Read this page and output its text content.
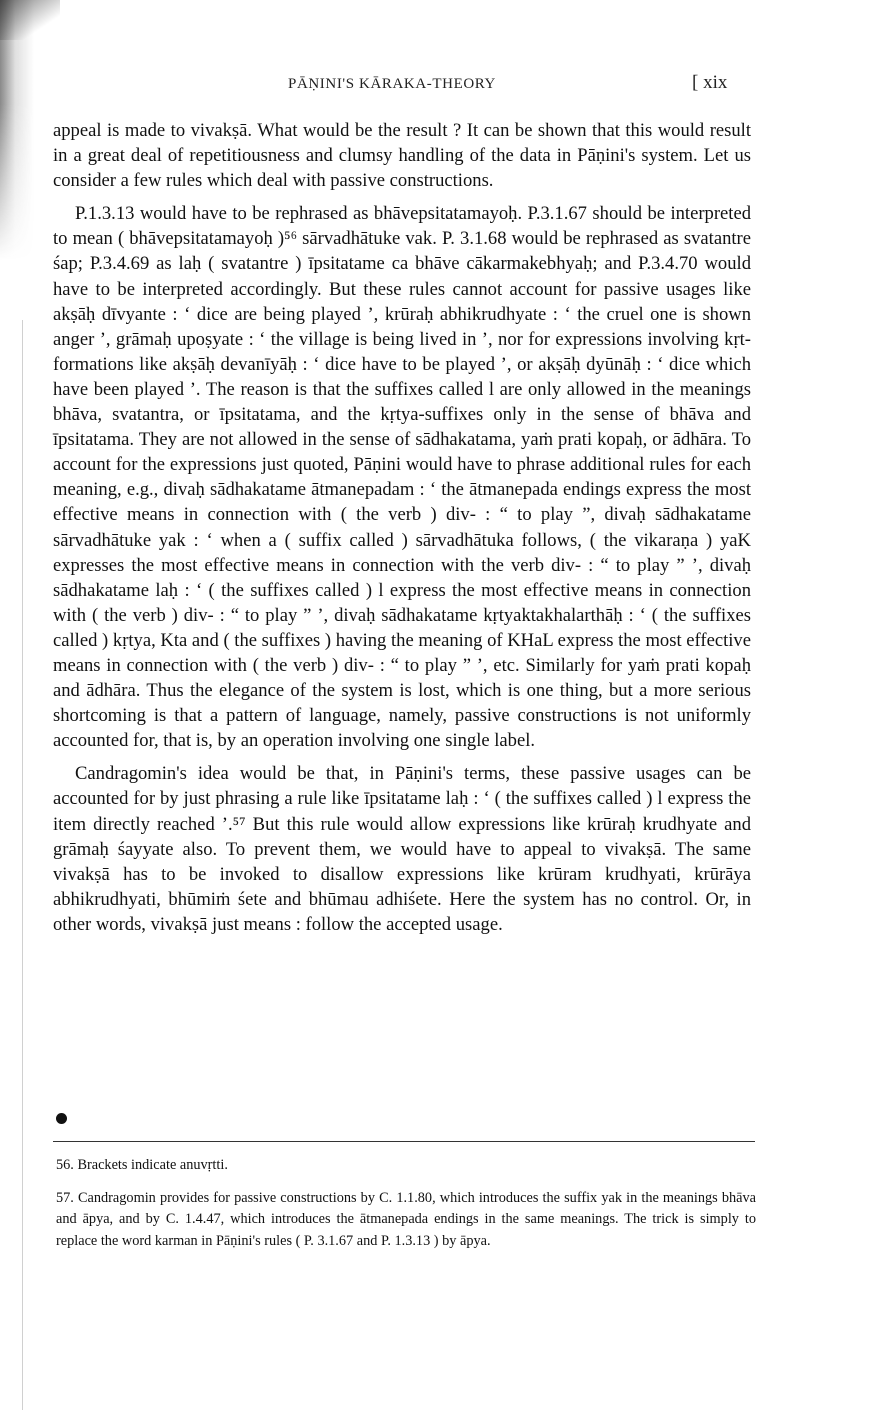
PĀṆINI'S KĀRAKA-THEORY	[ xix

appeal is made to vivakṣā. What would be the result ? It can be shown that this would result in a great deal of repetitiousness and clumsy handling of the data in Pāṇini's system. Let us consider a few rules which deal with passive constructions.

P.1.3.13 would have to be rephrased as bhāvepsitatamayoḥ. P.3.1.67 should be interpreted to mean ( bhāvepsitatamayoḥ )⁵⁶ sārvadhātuke vak. P. 3.1.68 would be rephrased as svatantre śap; P.3.4.69 as laḥ ( svatantre ) īpsitatame ca bhāve cākarmakebhyaḥ; and P.3.4.70 would have to be interpreted accordingly. But these rules cannot account for passive usages like akṣāḥ dīvyante : ‘ dice are being played ’, krūraḥ abhikrudhyate : ‘ the cruel one is shown anger ’, grāmaḥ upoṣyate : ‘ the village is being lived in ’, nor for expressions involving kṛt-formations like akṣāḥ devanīyāḥ : ‘ dice have to be played ’, or akṣāḥ dyūnāḥ : ‘ dice which have been played ’. The reason is that the suffixes called l are only allowed in the meanings bhāva, svatantra, or īpsitatama, and the kṛtya-suffixes only in the sense of bhāva and īpsitatama. They are not allowed in the sense of sādhakatama, yaṁ prati kopaḥ, or ādhāra. To account for the expressions just quoted, Pāṇini would have to phrase additional rules for each meaning, e.g., divaḥ sādhakatame ātmanepadam : ‘ the ātmanepada endings express the most effective means in connection with ( the verb ) div- : “ to play ”, divaḥ sādhakatame sārvadhātuke yak : ‘ when a ( suffix called ) sārvadhātuka follows, ( the vikaraṇa ) yaK expresses the most effective means in connection with the verb div- : “ to play ” ’, divaḥ sādhakatame laḥ : ‘ ( the suffixes called ) l express the most effective means in connection with ( the verb ) div- : “ to play ” ’, divaḥ sādhakatame kṛtyaktakhalarthāḥ : ‘ ( the suffixes called ) kṛtya, Kta and ( the suffixes ) having the meaning of KHaL express the most effective means in connection with ( the verb ) div- : “ to play ” ’, etc. Similarly for yaṁ prati kopaḥ and ādhāra. Thus the elegance of the system is lost, which is one thing, but a more serious shortcoming is that a pattern of language, namely, passive constructions is not uniformly accounted for, that is, by an operation involving one single label.

Candragomin's idea would be that, in Pāṇini's terms, these passive usages can be accounted for by just phrasing a rule like īpsitatame laḥ : ‘ ( the suffixes called ) l express the item directly reached ’.⁵⁷ But this rule would allow expressions like krūraḥ krudhyate and grāmaḥ śayyate also. To prevent them, we would have to appeal to vivakṣā. The same vivakṣā has to be invoked to disallow expressions like krūram krudhyati, krūrāya abhikrudhyati, bhūmiṁ śete and bhūmau adhiśete. Here the system has no control. Or, in other words, vivakṣā just means : follow the accepted usage.

56. Brackets indicate anuvṛtti.

57. Candragomin provides for passive constructions by C. 1.1.80, which introduces the suffix yak in the meanings bhāva and āpya, and by C. 1.4.47, which introduces the ātmanepada endings in the same meanings. The trick is simply to replace the word karman in Pāṇini's rules ( P. 3.1.67 and P. 1.3.13 ) by āpya.
